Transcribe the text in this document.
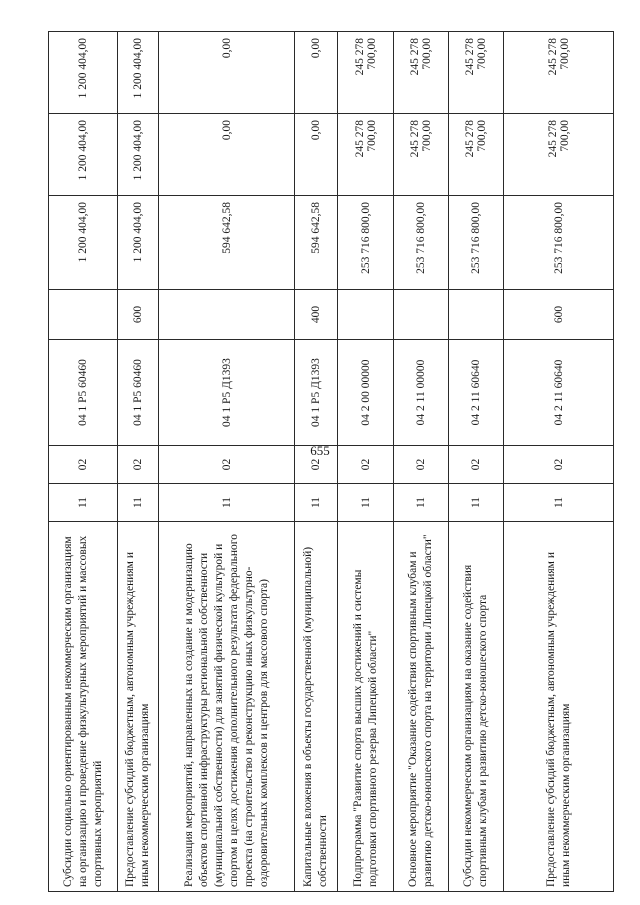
655
Субсидии социально ориентированным некоммерческим организациям на организацию и проведение физкультурных мероприятий и массовых спортивных мероприятий	11	02	04 1 P5 60460		1 200 404,00	1 200 404,00	1 200 404,00
Предоставление субсидий бюджетным, автономным учреждениям и иным некоммерческим организациям	11	02	04 1 P5 60460	600	1 200 404,00	1 200 404,00	1 200 404,00
Реализация мероприятий, направленных на создание и модернизацию объектов спортивной инфраструктуры региональной собственности (муниципальной собственности) для занятий физической культурой и спортом в целях достижения дополнительного результата федерального проекта (на строительство и реконструкцию иных физкультурно-оздоровительных комплексов и центров для массового спорта)	11	02	04 1 P5 Д1393		594 642,58	0,00	0,00
Капитальные вложения в объекты государственной (муниципальной) собственности	11	02	04 1 P5 Д1393	400	594 642,58	0,00	0,00
Подпрограмма "Развитие спорта высших достижений и системы подготовки спортивного резерва Липецкой области"	11	02	04 2 00 00000		253 716 800,00	245 278 700,00	245 278 700,00
Основное мероприятие "Оказание содействия спортивным клубам и развитию детско-юношеского спорта на территории Липецкой области"	11	02	04 2 11 00000		253 716 800,00	245 278 700,00	245 278 700,00
Субсидии некоммерческим организациям на оказание содействия спортивным клубам и развитию детско-юношеского спорта	11	02	04 2 11 60640		253 716 800,00	245 278 700,00	245 278 700,00
Предоставление субсидий бюджетным, автономным учреждениям и иным некоммерческим организациям	11	02	04 2 11 60640	600	253 716 800,00	245 278 700,00	245 278 700,00
